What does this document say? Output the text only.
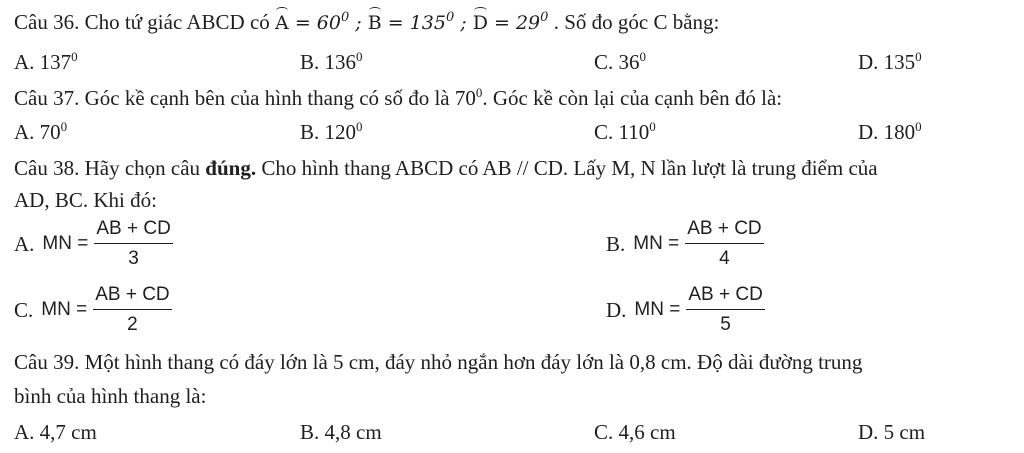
Câu 36. Cho tứ giác ABCD có $A = 60^0$ ; $B = 135^0$ ; $D = 29^0$ . Số đo góc C bằng:
A. $137^0$	B. $136^0$	C. $36^0$	D. $135^0$
Câu 37. Góc kề cạnh bên của hình thang có số đo là $70^0$. Góc kề còn lại của cạnh bên đó là:
A. $70^0$	B. $120^0$	C. $110^0$	D. $180^0$
Câu 38. Hãy chọn câu đúng. Cho hình thang ABCD có AB // CD. Lấy M, N lần lượt là trung điểm của
AD, BC. Khi đó:
A. MN = $\frac{AB + CD}{3}$	B. MN = $\frac{AB + CD}{4}$
C. MN = $\frac{AB + CD}{2}$	D. MN = $\frac{AB + CD}{5}$
Câu 39. Một hình thang có đáy lớn là 5 cm, đáy nhỏ ngắn hơn đáy lớn là 0,8 cm. Độ dài đường trung
bình của hình thang là:
A. 4,7 cm	B. 4,8 cm	C. 4,6 cm	D. 5 cm
